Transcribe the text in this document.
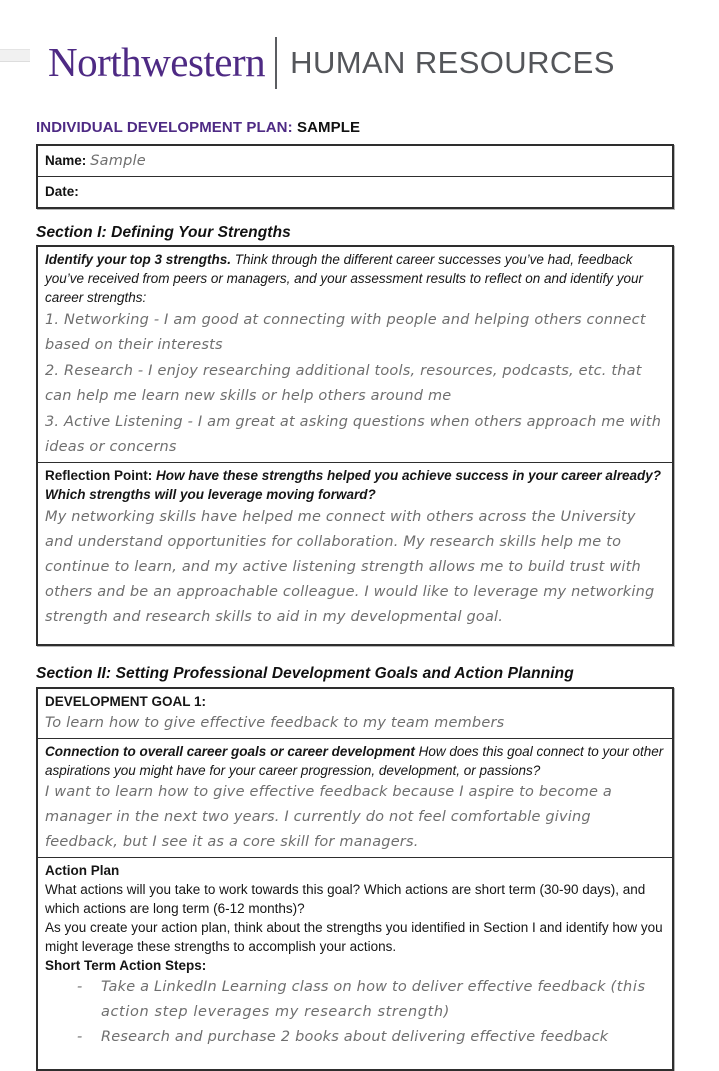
Northwestern HUMAN RESOURCES
INDIVIDUAL DEVELOPMENT PLAN: SAMPLE
Name: Sample
Date:
Section I: Defining Your Strengths

Identify your top 3 strengths. Think through the different career successes you’ve had, feedback you’ve received from peers or managers, and your assessment results to reflect on and identify your career strengths:

1. Networking - I am good at connecting with people and helping others connect based on their interests

2. Research - I enjoy researching additional tools, resources, podcasts, etc. that can help me learn new skills or help others around me

3. Active Listening - I am great at asking questions when others approach me with ideas or concerns

Reflection Point: How have these strengths helped you achieve success in your career already? Which strengths will you leverage moving forward?

My networking skills have helped me connect with others across the University and understand opportunities for collaboration. My research skills help me to continue to learn, and my active listening strength allows me to build trust with others and be an approachable colleague. I would like to leverage my networking strength and research skills to aid in my developmental goal.

Section II: Setting Professional Development Goals and Action Planning

DEVELOPMENT GOAL 1:

To learn how to give effective feedback to my team members

Connection to overall career goals or career development How does this goal connect to your other aspirations you might have for your career progression, development, or passions?

I want to learn how to give effective feedback because I aspire to become a manager in the next two years. I currently do not feel comfortable giving feedback, but I see it as a core skill for managers.

Action Plan

What actions will you take to work towards this goal? Which actions are short term (30-90 days), and which actions are long term (6-12 months)?

As you create your action plan, think about the strengths you identified in Section I and identify how you might leverage these strengths to accomplish your actions.

Short Term Action Steps:

-	Take a LinkedIn Learning class on how to deliver effective feedback (this action step leverages my research strength)
-	Research and purchase 2 books about delivering effective feedback
